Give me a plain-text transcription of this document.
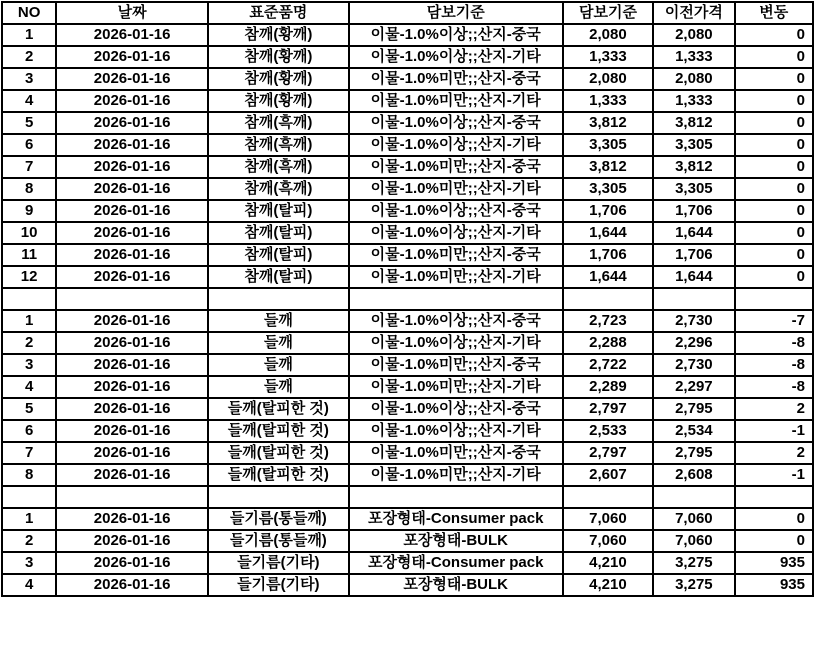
NO	날짜	표준품명	담보기준	담보기준	이전가격	변동
1	2026-01-16	참깨(황깨)	이물-1.0%이상;;산지-중국	2,080	2,080	0
2	2026-01-16	참깨(황깨)	이물-1.0%이상;;산지-기타	1,333	1,333	0
3	2026-01-16	참깨(황깨)	이물-1.0%미만;;산지-중국	2,080	2,080	0
4	2026-01-16	참깨(황깨)	이물-1.0%미만;;산지-기타	1,333	1,333	0
5	2026-01-16	참깨(흑깨)	이물-1.0%이상;;산지-중국	3,812	3,812	0
6	2026-01-16	참깨(흑깨)	이물-1.0%이상;;산지-기타	3,305	3,305	0
7	2026-01-16	참깨(흑깨)	이물-1.0%미만;;산지-중국	3,812	3,812	0
8	2026-01-16	참깨(흑깨)	이물-1.0%미만;;산지-기타	3,305	3,305	0
9	2026-01-16	참깨(탈피)	이물-1.0%이상;;산지-중국	1,706	1,706	0
10	2026-01-16	참깨(탈피)	이물-1.0%이상;;산지-기타	1,644	1,644	0
11	2026-01-16	참깨(탈피)	이물-1.0%미만;;산지-중국	1,706	1,706	0
12	2026-01-16	참깨(탈피)	이물-1.0%미만;;산지-기타	1,644	1,644	0

1	2026-01-16	들깨	이물-1.0%이상;;산지-중국	2,723	2,730	-7
2	2026-01-16	들깨	이물-1.0%이상;;산지-기타	2,288	2,296	-8
3	2026-01-16	들깨	이물-1.0%미만;;산지-중국	2,722	2,730	-8
4	2026-01-16	들깨	이물-1.0%미만;;산지-기타	2,289	2,297	-8
5	2026-01-16	들깨(탈피한 것)	이물-1.0%이상;;산지-중국	2,797	2,795	2
6	2026-01-16	들깨(탈피한 것)	이물-1.0%이상;;산지-기타	2,533	2,534	-1
7	2026-01-16	들깨(탈피한 것)	이물-1.0%미만;;산지-중국	2,797	2,795	2
8	2026-01-16	들깨(탈피한 것)	이물-1.0%미만;;산지-기타	2,607	2,608	-1

1	2026-01-16	들기름(통들깨)	포장형태-Consumer pack	7,060	7,060	0
2	2026-01-16	들기름(통들깨)	포장형태-BULK	7,060	7,060	0
3	2026-01-16	들기름(기타)	포장형태-Consumer pack	4,210	3,275	935
4	2026-01-16	들기름(기타)	포장형태-BULK	4,210	3,275	935
